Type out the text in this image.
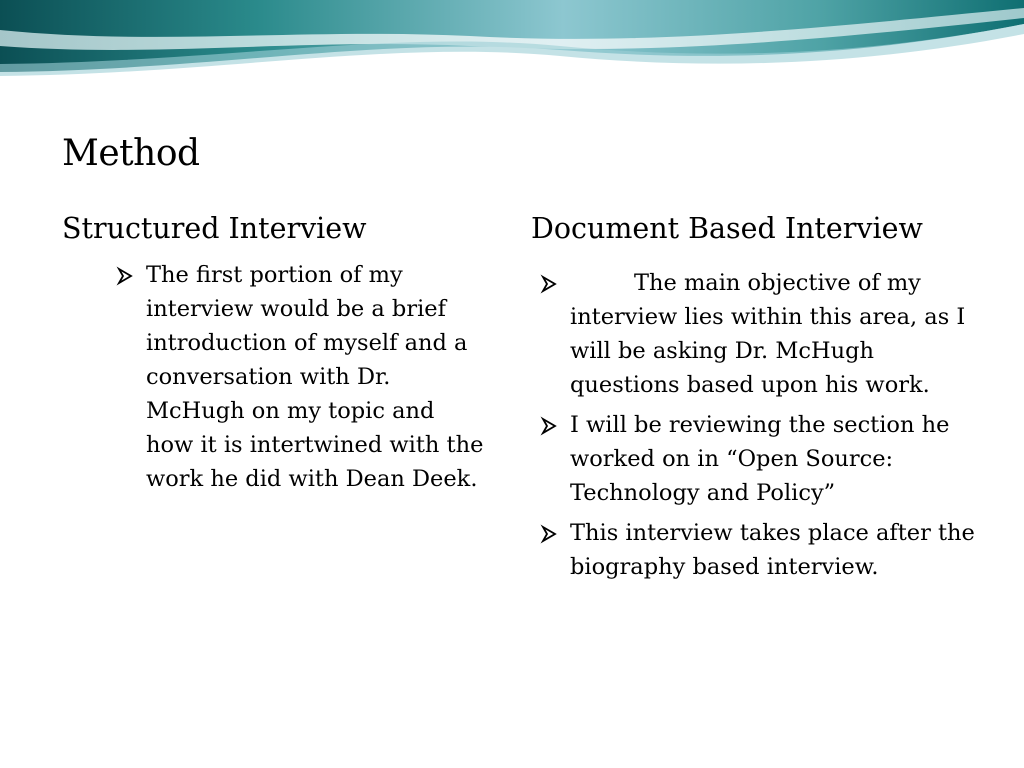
Method
Structured Interview
The first portion of my interview would be a brief introduction of myself and a conversation with Dr. McHugh on my topic and how it is intertwined with the work he did with Dean Deek.
Document Based Interview
The main objective of my interview lies within this area, as I will be asking Dr. McHugh questions based upon his work.
I will be reviewing the section he worked on in “Open Source: Technology and Policy”
This interview takes place after the biography based interview.
